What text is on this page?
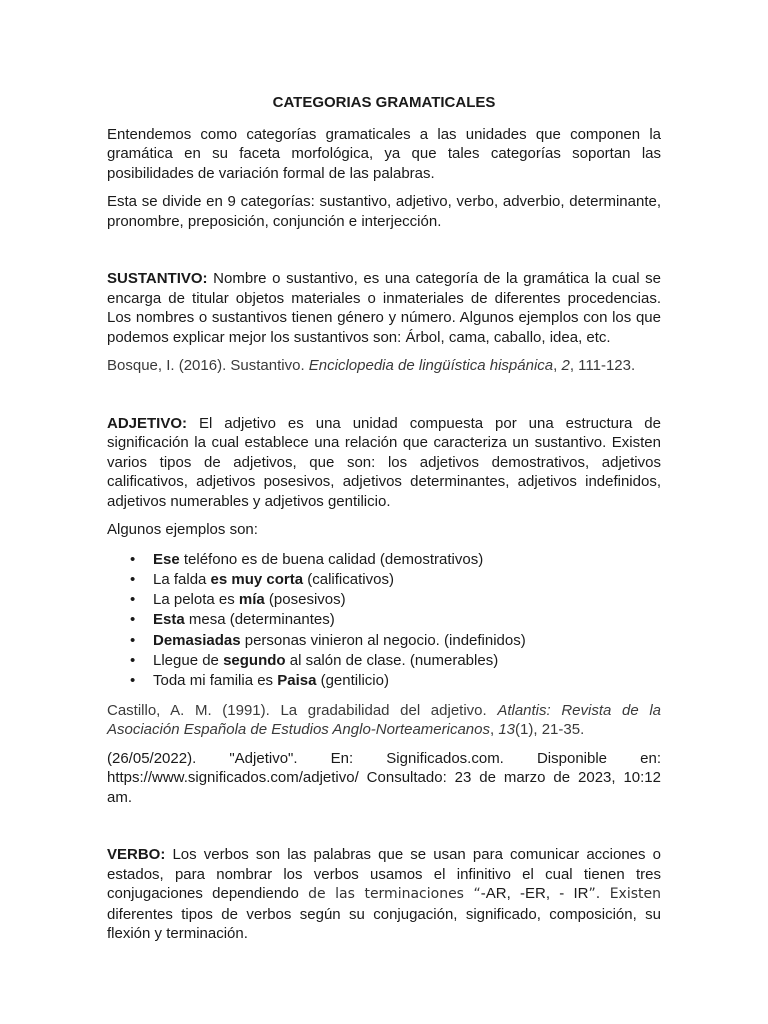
CATEGORIAS GRAMATICALES

Entendemos como categorías gramaticales a las unidades que componen la gramática en su faceta morfológica, ya que tales categorías soportan las posibilidades de variación formal de las palabras.

Esta se divide en 9 categorías: sustantivo, adjetivo, verbo, adverbio, determinante, pronombre, preposición, conjunción e interjección.

SUSTANTIVO: Nombre o sustantivo, es una categoría de la gramática la cual se encarga de titular objetos materiales o inmateriales de diferentes procedencias. Los nombres o sustantivos tienen género y número. Algunos ejemplos con los que podemos explicar mejor los sustantivos son: Árbol, cama, caballo, idea, etc.

Bosque, I. (2016). Sustantivo. Enciclopedia de lingüística hispánica, 2, 111-123.

ADJETIVO: El adjetivo es una unidad compuesta por una estructura de significación la cual establece una relación que caracteriza un sustantivo. Existen varios tipos de adjetivos, que son: los adjetivos demostrativos, adjetivos calificativos, adjetivos posesivos, adjetivos determinantes, adjetivos indefinidos, adjetivos numerables y adjetivos gentilicio.

Algunos ejemplos son:

• Ese teléfono es de buena calidad (demostrativos)
• La falda es muy corta (calificativos)
• La pelota es mía (posesivos)
• Esta mesa (determinantes)
• Demasiadas personas vinieron al negocio. (indefinidos)
• Llegue de segundo al salón de clase. (numerables)
• Toda mi familia es Paisa (gentilicio)

Castillo, A. M. (1991). La gradabilidad del adjetivo. Atlantis: Revista de la Asociación Española de Estudios Anglo-Norteamericanos, 13(1), 21-35.

(26/05/2022). "Adjetivo". En: Significados.com. Disponible en: https://www.significados.com/adjetivo/ Consultado: 23 de marzo de 2023, 10:12 am.

VERBO: Los verbos son las palabras que se usan para comunicar acciones o estados, para nombrar los verbos usamos el infinitivo el cual tienen tres conjugaciones dependiendo de las terminaciones “-AR, -ER, - IR”. Existen diferentes tipos de verbos según su conjugación, significado, composición, su flexión y terminación.
